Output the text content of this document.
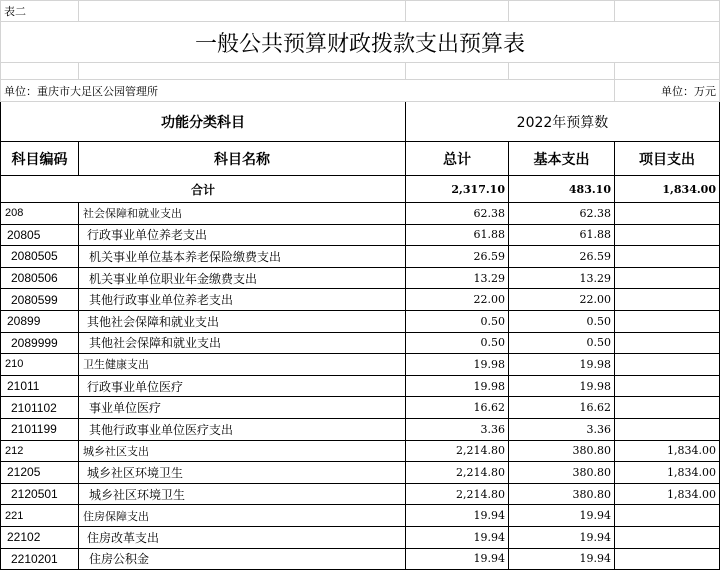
表二				
一般公共预算财政拨款支出预算表				

单位：重庆市大足区公园管理所				单位：万元
功能分类科目		2022年预算数		
科目编码	科目名称	总计	基本支出	项目支出
合计		2,317.10	483.10	1,834.00
208	社会保障和就业支出	62.38	62.38	
20805	行政事业单位养老支出	61.88	61.88	
2080505	机关事业单位基本养老保险缴费支出	26.59	26.59	
2080506	机关事业单位职业年金缴费支出	13.29	13.29	
2080599	其他行政事业单位养老支出	22.00	22.00	
20899	其他社会保障和就业支出	0.50	0.50	
2089999	其他社会保障和就业支出	0.50	0.50	
210	卫生健康支出	19.98	19.98	
21011	行政事业单位医疗	19.98	19.98	
2101102	事业单位医疗	16.62	16.62	
2101199	其他行政事业单位医疗支出	3.36	3.36	
212	城乡社区支出	2,214.80	380.80	1,834.00
21205	城乡社区环境卫生	2,214.80	380.80	1,834.00
2120501	城乡社区环境卫生	2,214.80	380.80	1,834.00
221	住房保障支出	19.94	19.94	
22102	住房改革支出	19.94	19.94	
2210201	住房公积金	19.94	19.94	
